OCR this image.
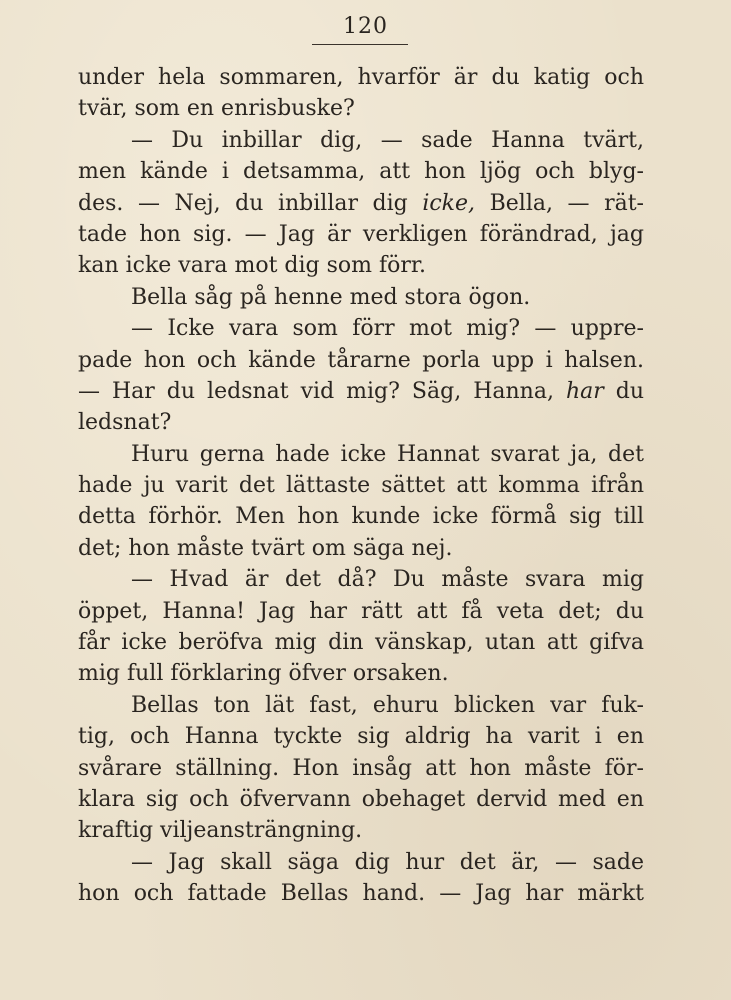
120
under hela sommaren, hvarför är du katig och
tvär, som en enrisbuske?
— Du inbillar dig, — sade Hanna tvärt,
men kände i detsamma, att hon ljög och blyg-
des. — Nej, du inbillar dig icke, Bella, — rät-
tade hon sig. — Jag är verkligen förändrad, jag
kan icke vara mot dig som förr.
Bella såg på henne med stora ögon.
— Icke vara som förr mot mig? — uppre-
pade hon och kände tårarne porla upp i halsen.
— Har du ledsnat vid mig? Säg, Hanna, har du
ledsnat?
Huru gerna hade icke Hannat svarat ja, det
hade ju varit det lättaste sättet att komma ifrån
detta förhör. Men hon kunde icke förmå sig till
det; hon måste tvärt om säga nej.
— Hvad är det då? Du måste svara mig
öppet, Hanna! Jag har rätt att få veta det; du
får icke beröfva mig din vänskap, utan att gifva
mig full förklaring öfver orsaken.
Bellas ton lät fast, ehuru blicken var fuk-
tig, och Hanna tyckte sig aldrig ha varit i en
svårare ställning. Hon insåg att hon måste för-
klara sig och öfvervann obehaget dervid med en
kraftig viljeansträngning.
— Jag skall säga dig hur det är, — sade
hon och fattade Bellas hand. — Jag har märkt
